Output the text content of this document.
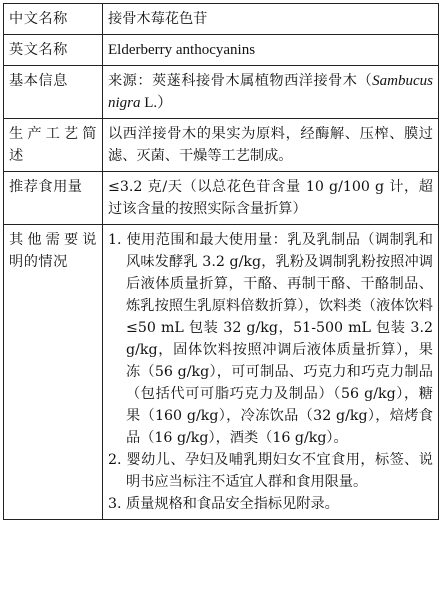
中文名称	接骨木莓花色苷
英文名称	Elderberry anthocyanins
基本信息	来源：莢蒾科接骨木属植物西洋接骨木（Sambucus nigra L.）
生产工艺简述	以西洋接骨木的果实为原料，经酶解、压榨、膜过滤、灭菌、干燥等工艺制成。
推荐食用量	≤3.2 克/天（以总花色苷含量 10 g/100 g 计，超过该含量的按照实际含量折算）
其他需要说明的情况	1. 使用范围和最大使用量：乳及乳制品（调制乳和风味发酵乳 3.2 g/kg，乳粉及调制乳粉按照冲调后液体质量折算，干酪、再制干酪、干酪制品、炼乳按照生乳原料倍数折算），饮料类（液体饮料≤50 mL 包装 32 g/kg，51-500 mL 包装 3.2 g/kg，固体饮料按照冲调后液体质量折算），果冻（56 g/kg），可可制品、巧克力和巧克力制品（包括代可可脂巧克力及制品）（56 g/kg），糖果（160 g/kg），冷冻饮品（32 g/kg），焙烤食品（16 g/kg），酒类（16 g/kg）。
2. 婴幼儿、孕妇及哺乳期妇女不宜食用，标签、说明书应当标注不适宜人群和食用限量。
3. 质量规格和食品安全指标见附录。
